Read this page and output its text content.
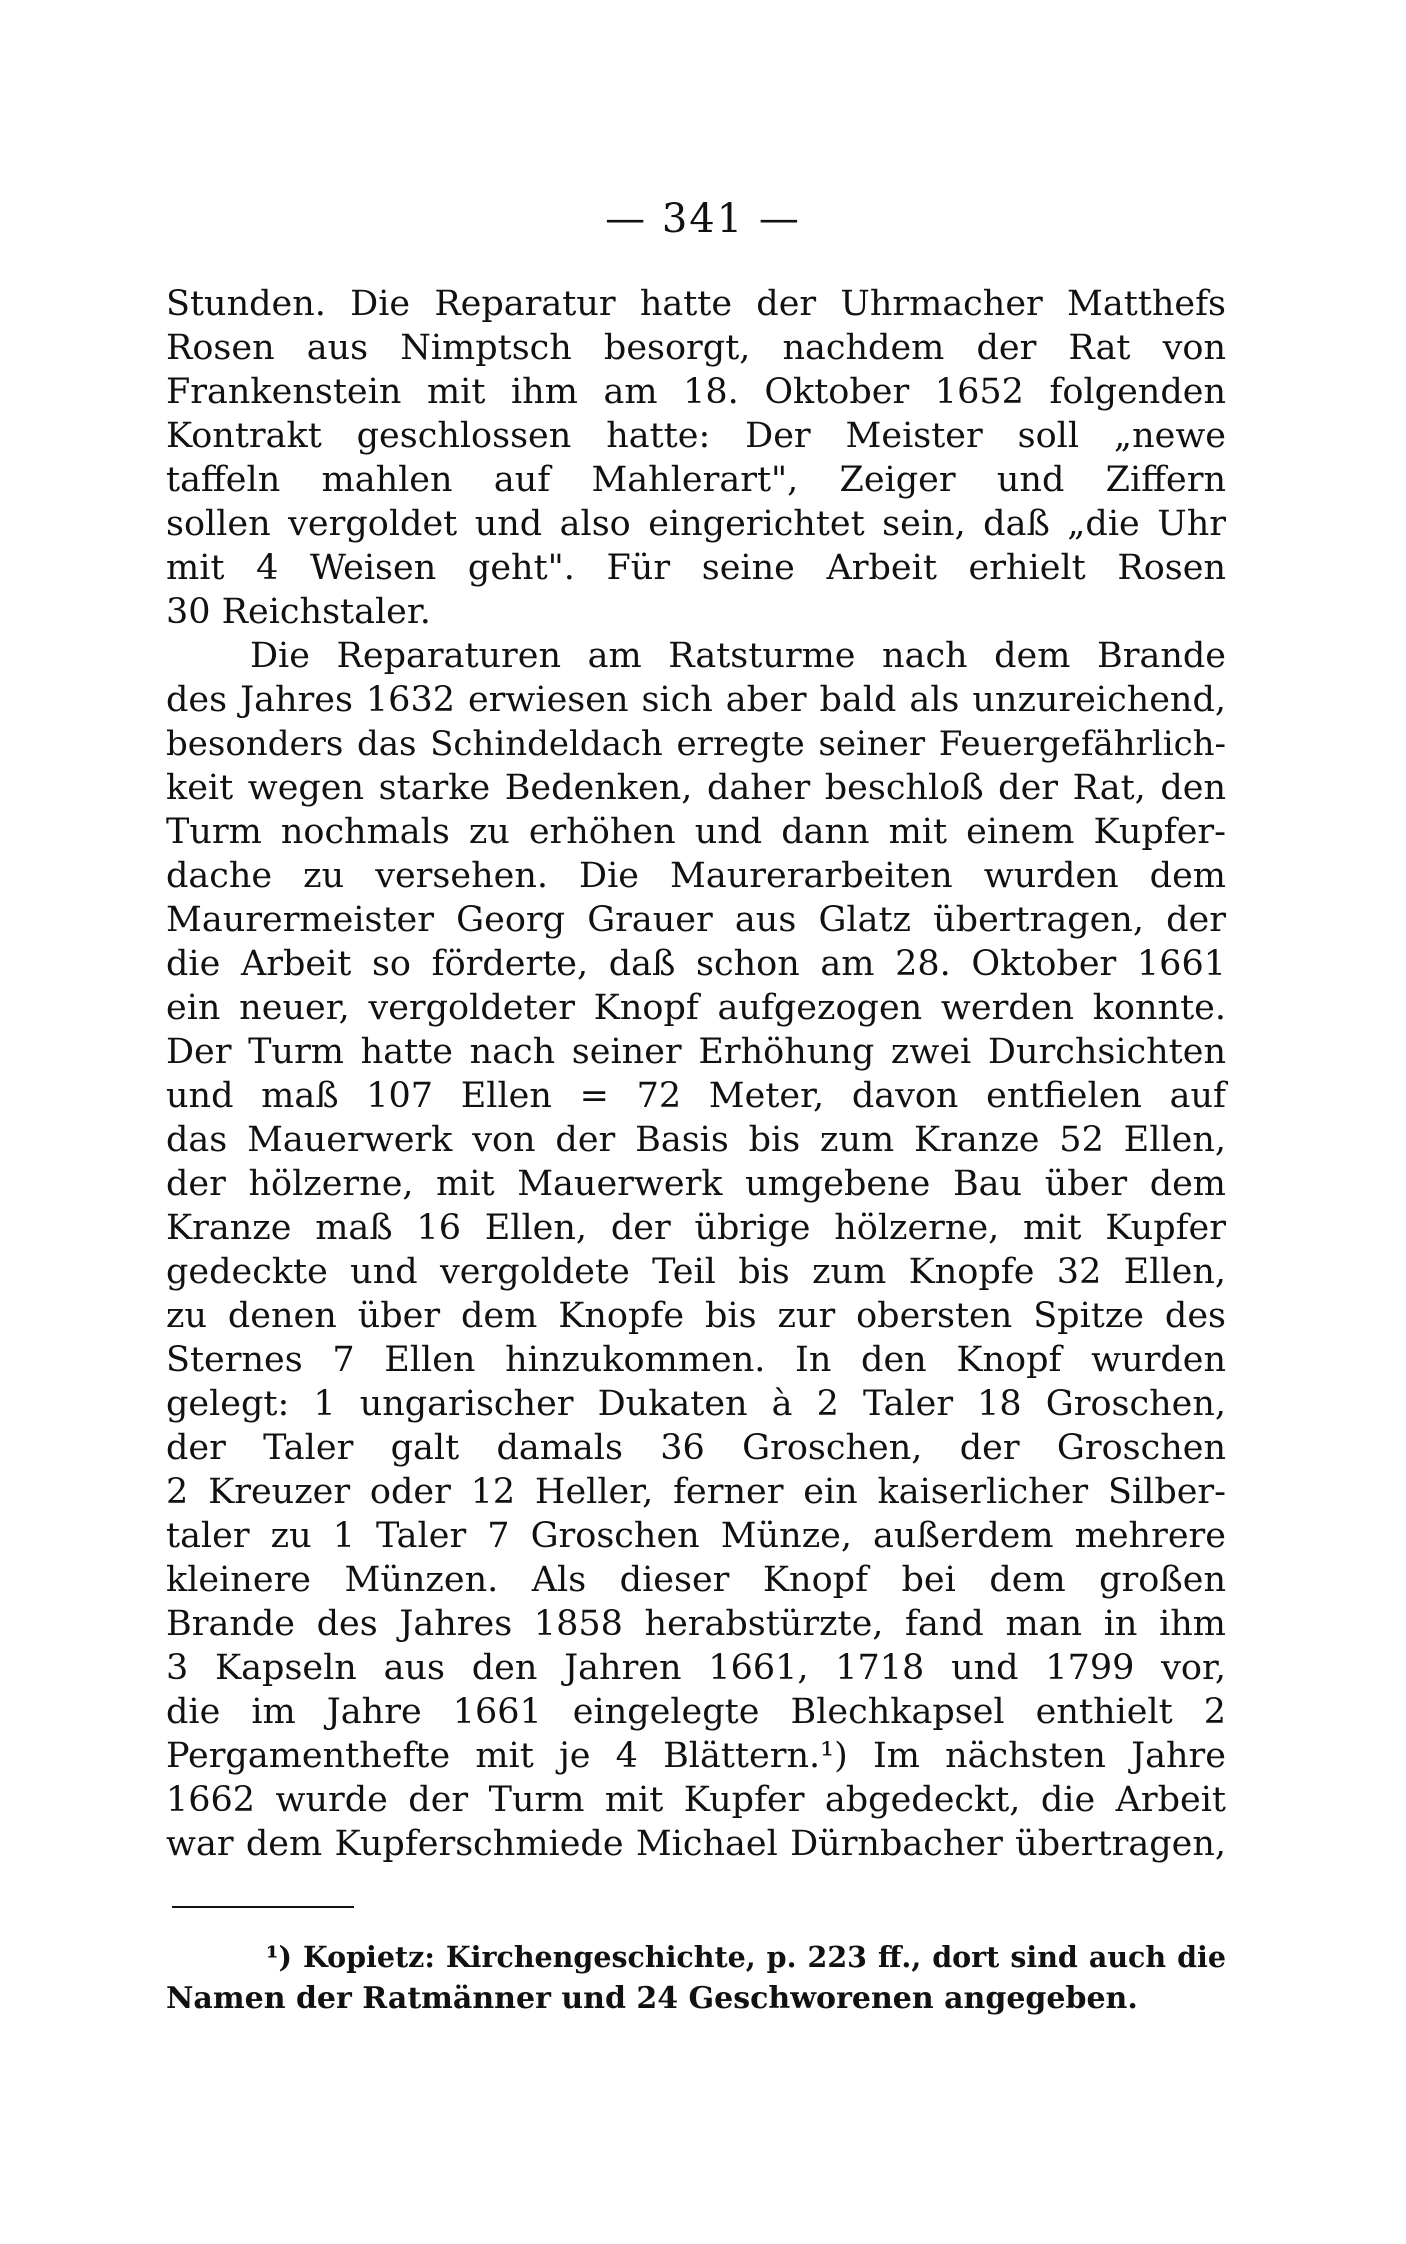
— 341 —
Stunden. Die Reparatur hatte der Uhrmacher Matthefs
Rosen aus Nimptsch besorgt, nachdem der Rat von
Frankenstein mit ihm am 18. Oktober 1652 folgenden
Kontrakt geschlossen hatte: Der Meister soll „newe
taffeln mahlen auf Mahlerart", Zeiger und Ziffern
sollen vergoldet und also eingerichtet sein, daß „die Uhr
mit 4 Weisen geht". Für seine Arbeit erhielt Rosen
30 Reichstaler.
Die Reparaturen am Ratsturme nach dem Brande
des Jahres 1632 erwiesen sich aber bald als unzureichend,
besonders das Schindeldach erregte seiner Feuergefährlich-
keit wegen starke Bedenken, daher beschloß der Rat, den
Turm nochmals zu erhöhen und dann mit einem Kupfer-
dache zu versehen. Die Maurerarbeiten wurden dem
Maurermeister Georg Grauer aus Glatz übertragen, der
die Arbeit so förderte, daß schon am 28. Oktober 1661
ein neuer, vergoldeter Knopf aufgezogen werden konnte.
Der Turm hatte nach seiner Erhöhung zwei Durchsichten
und maß 107 Ellen = 72 Meter, davon entfielen auf
das Mauerwerk von der Basis bis zum Kranze 52 Ellen,
der hölzerne, mit Mauerwerk umgebene Bau über dem
Kranze maß 16 Ellen, der übrige hölzerne, mit Kupfer
gedeckte und vergoldete Teil bis zum Knopfe 32 Ellen,
zu denen über dem Knopfe bis zur obersten Spitze des
Sternes 7 Ellen hinzukommen. In den Knopf wurden
gelegt: 1 ungarischer Dukaten à 2 Taler 18 Groschen,
der Taler galt damals 36 Groschen, der Groschen
2 Kreuzer oder 12 Heller, ferner ein kaiserlicher Silber-
taler zu 1 Taler 7 Groschen Münze, außerdem mehrere
kleinere Münzen. Als dieser Knopf bei dem großen
Brande des Jahres 1858 herabstürzte, fand man in ihm
3 Kapseln aus den Jahren 1661, 1718 und 1799 vor,
die im Jahre 1661 eingelegte Blechkapsel enthielt 2
Pergamenthefte mit je 4 Blättern.¹) Im nächsten Jahre
1662 wurde der Turm mit Kupfer abgedeckt, die Arbeit
war dem Kupferschmiede Michael Dürnbacher übertragen,
¹) Kopietz: Kirchengeschichte, p. 223 ff., dort sind auch die
Namen der Ratmänner und 24 Geschworenen angegeben.
